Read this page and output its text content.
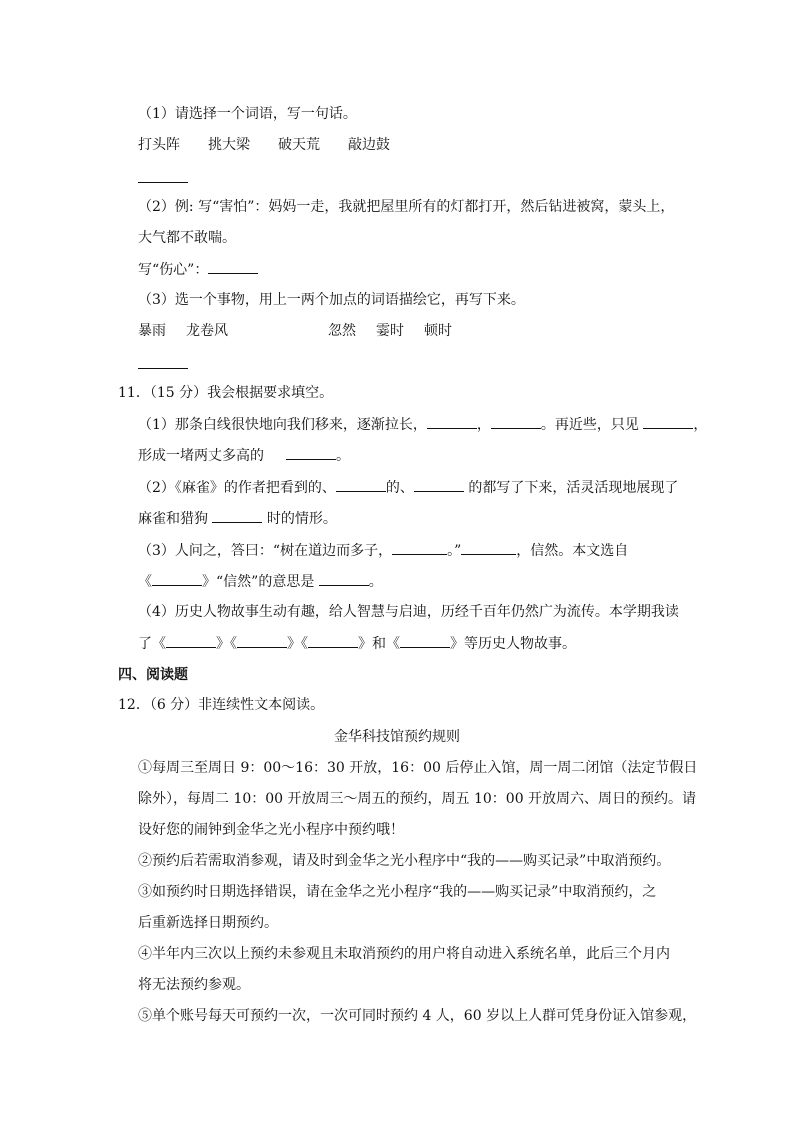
（1）请选择一个词语，写一句话。
打头阵 挑大梁 破天荒 敲边鼓
（2）例: 写“害怕”：妈妈一走，我就把屋里所有的灯都打开，然后钻进被窝，蒙头上，
大气都不敢喘。
写“伤心”：
（3）选一个事物，用上一两个加点的词语描绘它，再写下来。
暴雨 龙卷风	忽然 霎时 顿时
11．（15 分）我会根据要求填空。
（1）那条白线很快地向我们移来，逐渐拉长，	，	。再近些，只见	，
形成一堵两丈多高的	。
（2）《麻雀》的作者把看到的、	的、	的都写了下来，活灵活现地展现了
麻雀和猎狗	时的情形。
（3）人问之，答曰：“树在道边而多子，	。”	，信然。本文选自
《	》“信然”的意思是	。
（4）历史人物故事生动有趣，给人智慧与启迪，历经千百年仍然广为流传。本学期我读
了《	》《	》《	》和《	》等历史人物故事。
四、阅读题
12．（6 分）非连续性文本阅读。
金华科技馆预约规则
①每周三至周日 9：00～16：30 开放，16：00 后停止入馆，周一周二闭馆（法定节假日
除外），每周二 10：00 开放周三～周五的预约，周五 10：00 开放周六、周日的预约。请
设好您的闹钟到金华之光小程序中预约哦！
②预约后若需取消参观，请及时到金华之光小程序中“我的——购买记录”中取消预约。
③如预约时日期选择错误，请在金华之光小程序“我的——购买记录”中取消预约，之
后重新选择日期预约。
④半年内三次以上预约未参观且未取消预约的用户将自动进入系统名单，此后三个月内
将无法预约参观。
⑤单个账号每天可预约一次，一次可同时预约 4 人，60 岁以上人群可凭身份证入馆参观，
